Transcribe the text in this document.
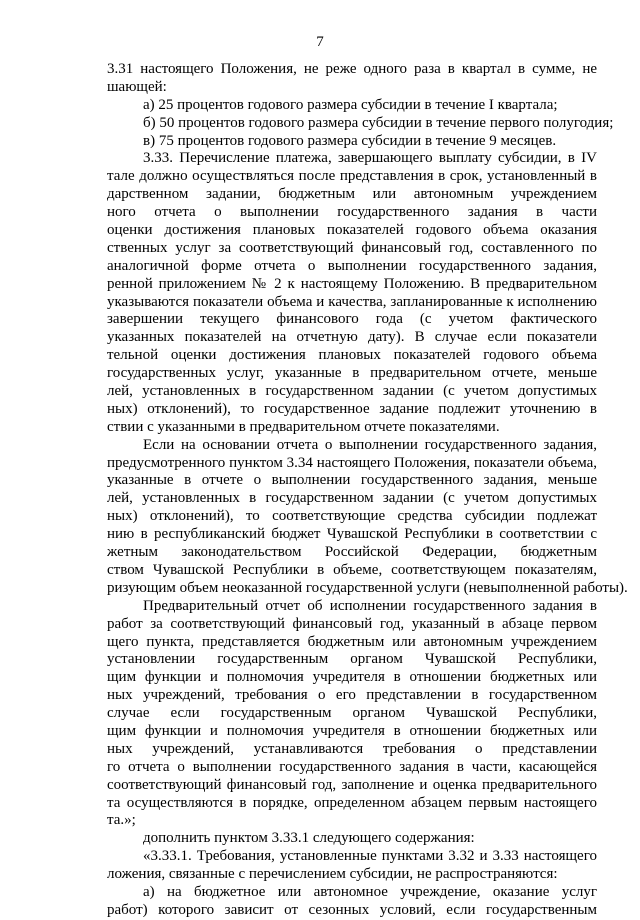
7
3.31 настоящего Положения, не реже одного раза в квартал в сумме, не
шающей:
а) 25 процентов годового размера субсидии в течение I квартала;
б) 50 процентов годового размера субсидии в течение первого полугодия;
в) 75 процентов годового размера субсидии в течение 9 месяцев.
3.33. Перечисление платежа, завершающего выплату субсидии, в IV
тале должно осуществляться после представления в срок, установленный в
дарственном задании, бюджетным или автономным учреждением
ного отчета о выполнении государственного задания в части
оценки достижения плановых показателей годового объема оказания
ственных услуг за соответствующий финансовый год, составленного по
аналогичной форме отчета о выполнении государственного задания,
ренной приложением № 2 к настоящему Положению. В предварительном
указываются показатели объема и качества, запланированные к исполнению
завершении текущего финансового года (с учетом фактического
указанных показателей на отчетную дату). В случае если показатели
тельной оценки достижения плановых показателей годового объема
государственных услуг, указанные в предварительном отчете, меньше
лей, установленных в государственном задании (с учетом допустимых
ных) отклонений), то государственное задание подлежит уточнению в
ствии с указанными в предварительном отчете показателями.
Если на основании отчета о выполнении государственного задания,
предусмотренного пунктом 3.34 настоящего Положения, показатели объема,
указанные в отчете о выполнении государственного задания, меньше
лей, установленных в государственном задании (с учетом допустимых
ных) отклонений), то соответствующие средства субсидии подлежат
нию в республиканский бюджет Чувашской Республики в соответствии с
жетным законодательством Российской Федерации, бюджетным
ством Чувашской Республики в объеме, соответствующем показателям,
ризующим объем неоказанной государственной услуги (невыполненной работы).
Предварительный отчет об исполнении государственного задания в
работ за соответствующий финансовый год, указанный в абзаце первом
щего пункта, представляется бюджетным или автономным учреждением
установлении государственным органом Чувашской Республики,
щим функции и полномочия учредителя в отношении бюджетных или
ных учреждений, требования о его представлении в государственном
случае если государственным органом Чувашской Республики,
щим функции и полномочия учредителя в отношении бюджетных или
ных учреждений, устанавливаются требования о представлении
го отчета о выполнении государственного задания в части, касающейся
соответствующий финансовый год, заполнение и оценка предварительного
та осуществляются в порядке, определенном абзацем первым настоящего
та.»;
дополнить пунктом 3.33.1 следующего содержания:
«3.33.1. Требования, установленные пунктами 3.32 и 3.33 настоящего
ложения, связанные с перечислением субсидии, не распространяются:
а) на бюджетное или автономное учреждение, оказание услуг
работ) которого зависит от сезонных условий, если государственным
